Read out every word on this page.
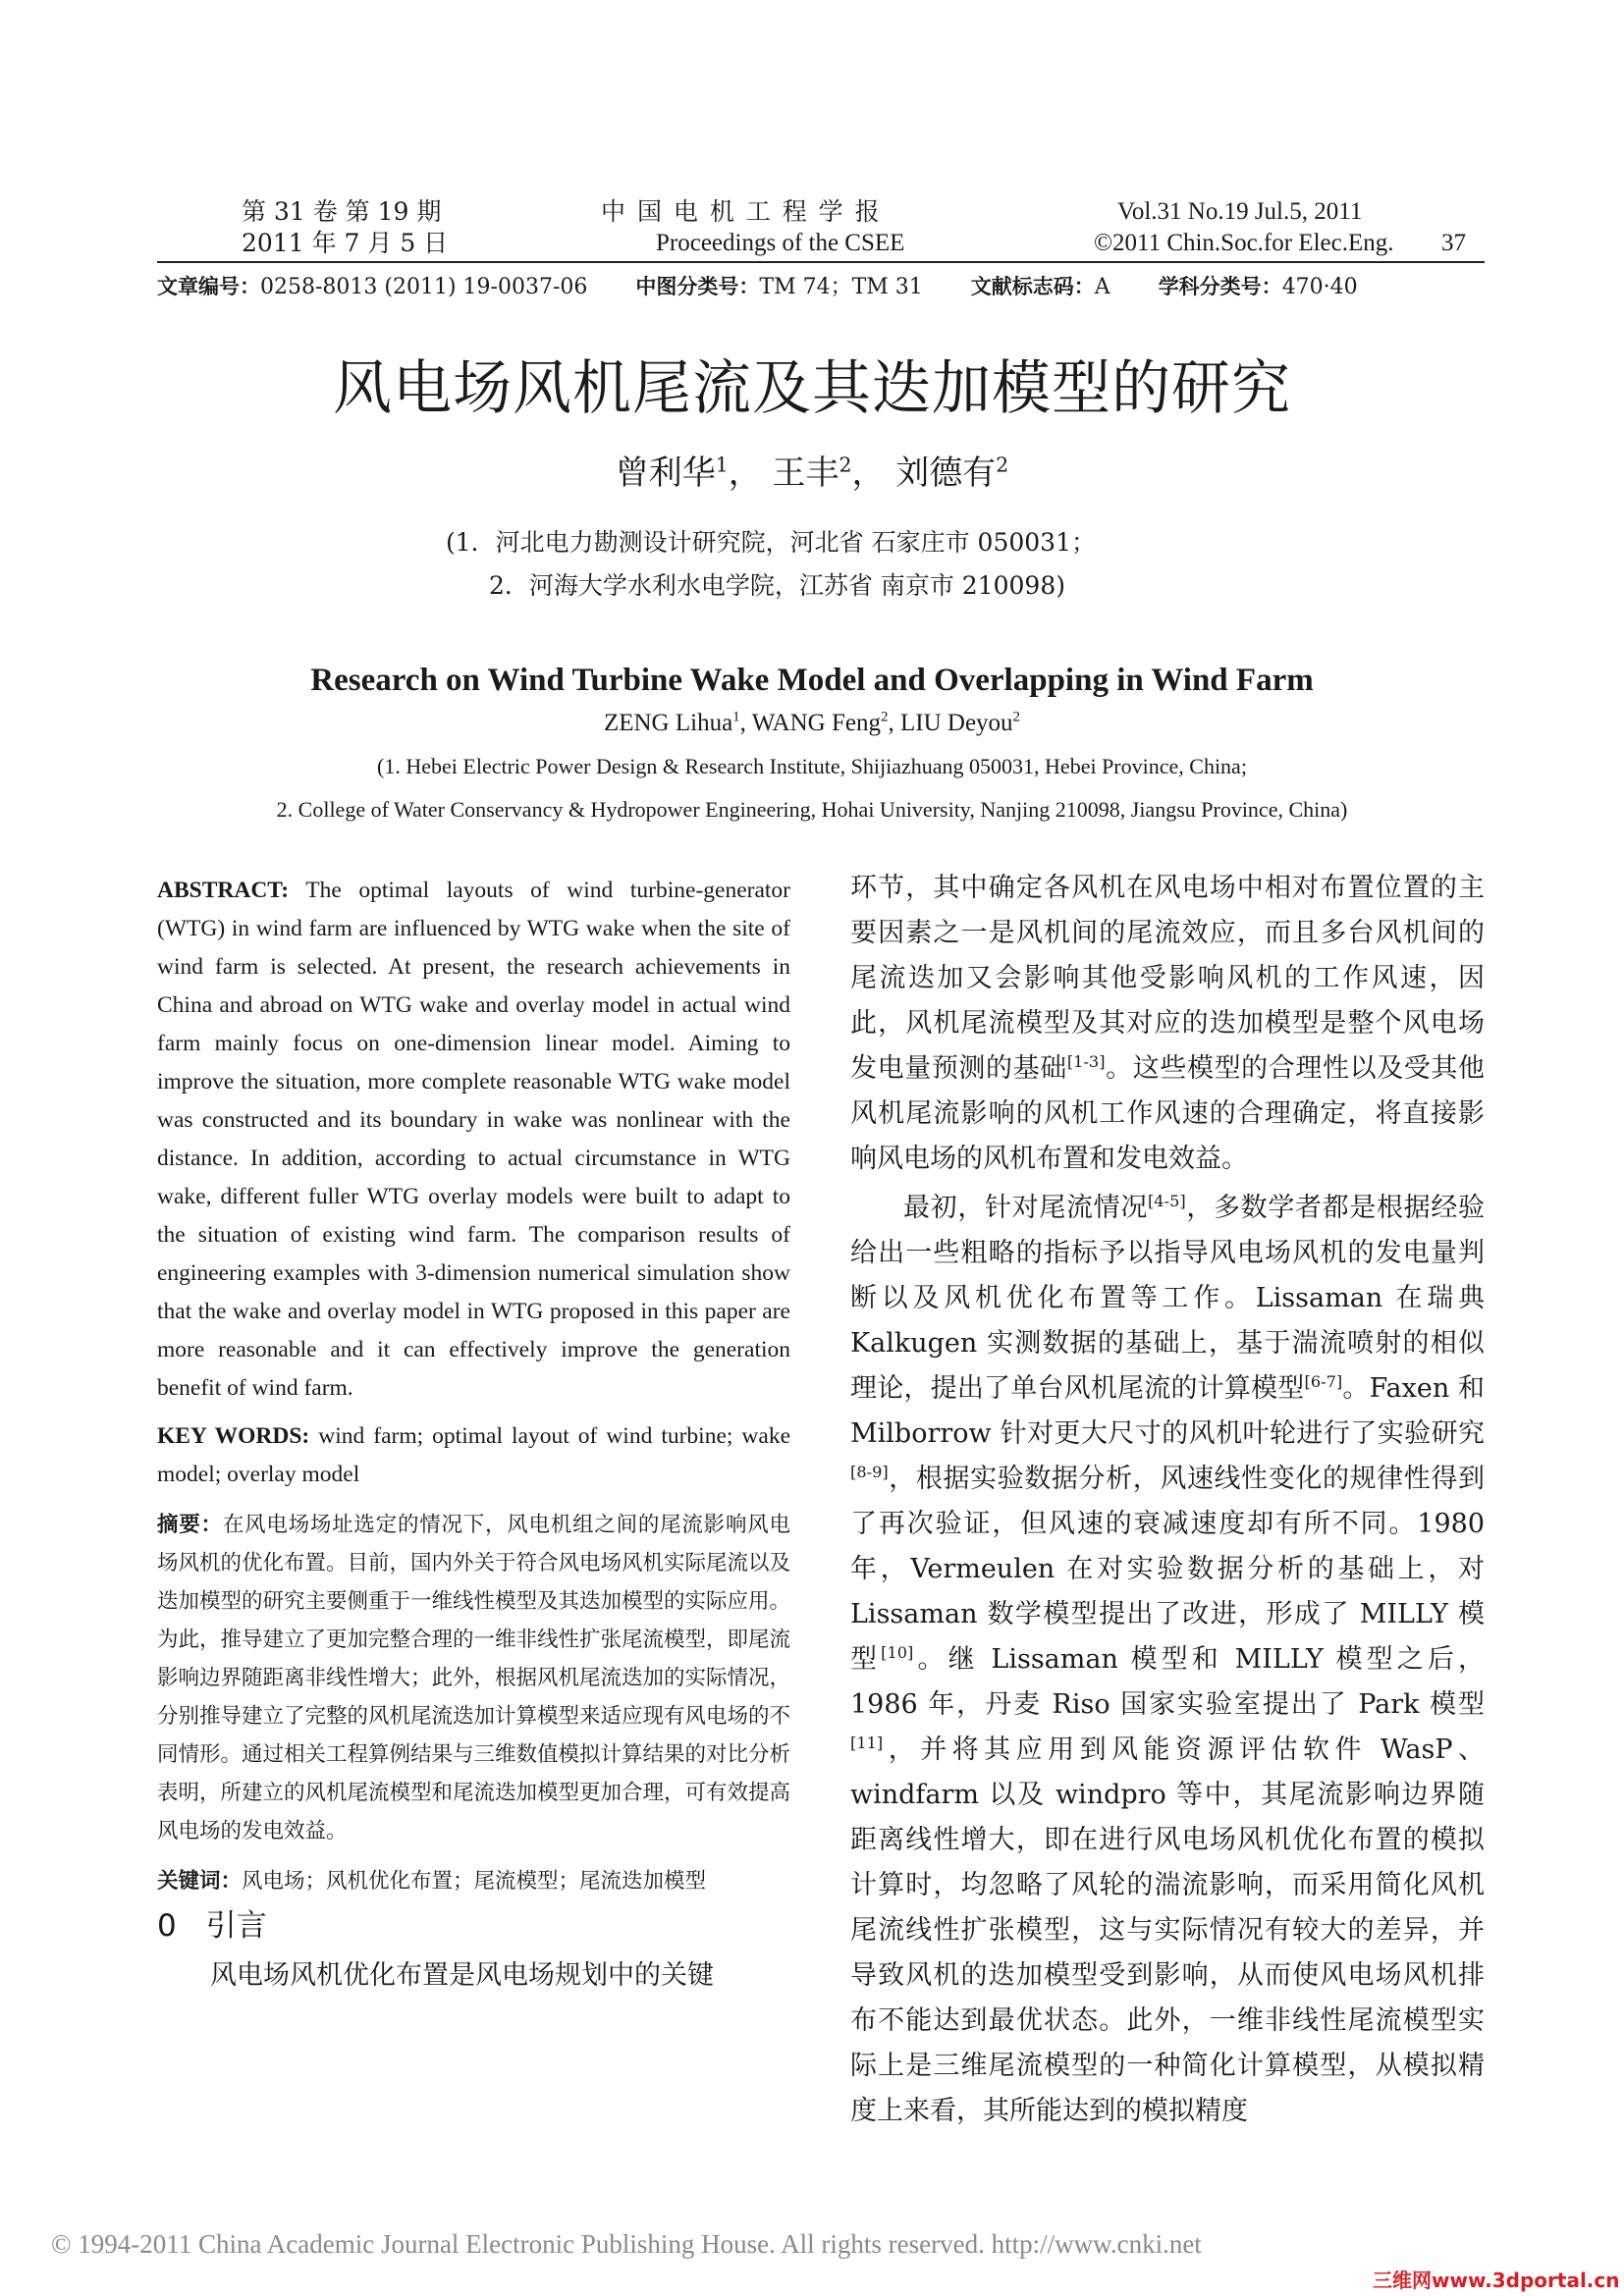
第 31 卷 第 19 期
2011 年 7 月 5 日
中 国 电 机 工 程 学 报
Proceedings of the CSEE
Vol.31 No.19 Jul.5, 2011
©2011 Chin.Soc.for Elec.Eng. 37
文章编号：0258-8013 (2011) 19-0037-06 中图分类号：TM 74；TM 31 文献标志码：A 学科分类号：470·40
风电场风机尾流及其迭加模型的研究
曾利华$^1$， 王丰$^2$， 刘德有$^2$
(1．河北电力勘测设计研究院，河北省 石家庄市 050031；
2．河海大学水利水电学院，江苏省 南京市 210098)
Research on Wind Turbine Wake Model and Overlapping in Wind Farm
ZENG Lihua$^1$, WANG Feng$^2$, LIU Deyou$^2$
(1. Hebei Electric Power Design & Research Institute, Shijiazhuang 050031, Hebei Province, China;
2. College of Water Conservancy & Hydropower Engineering, Hohai University, Nanjing 210098, Jiangsu Province, China)

ABSTRACT: The optimal layouts of wind turbine-generator (WTG) in wind farm are influenced by WTG wake when the site of wind farm is selected. At present, the research achievements in China and abroad on WTG wake and overlay model in actual wind farm mainly focus on one-dimension linear model. Aiming to improve the situation, more complete reasonable WTG wake model was constructed and its boundary in wake was nonlinear with the distance. In addition, according to actual circumstance in WTG wake, different fuller WTG overlay models were built to adapt to the situation of existing wind farm. The comparison results of engineering examples with 3-dimension numerical simulation show that the wake and overlay model in WTG proposed in this paper are more reasonable and it can effectively improve the generation benefit of wind farm.

KEY WORDS: wind farm; optimal layout of wind turbine; wake model; overlay model

摘要：在风电场场址选定的情况下，风电机组之间的尾流影响风电场风机的优化布置。目前，国内外关于符合风电场风机实际尾流以及迭加模型的研究主要侧重于一维线性模型及其迭加模型的实际应用。为此，推导建立了更加完整合理的一维非线性扩张尾流模型，即尾流影响边界随距离非线性增大；此外，根据风机尾流迭加的实际情况，分别推导建立了完整的风机尾流迭加计算模型来适应现有风电场的不同情形。通过相关工程算例结果与三维数值模拟计算结果的对比分析表明，所建立的风机尾流模型和尾流迭加模型更加合理，可有效提高风电场的发电效益。

关键词：风电场；风机优化布置；尾流模型；尾流迭加模型

0 引言

风电场风机优化布置是风电场规划中的关键

环节，其中确定各风机在风电场中相对布置位置的主要因素之一是风机间的尾流效应，而且多台风机间的尾流迭加又会影响其他受影响风机的工作风速，因此，风机尾流模型及其对应的迭加模型是整个风电场发电量预测的基础[1-3]。这些模型的合理性以及受其他风机尾流影响的风机工作风速的合理确定，将直接影响风电场的风机布置和发电效益。

最初，针对尾流情况[4-5]，多数学者都是根据经验给出一些粗略的指标予以指导风电场风机的发电量判断以及风机优化布置等工作。Lissaman 在瑞典 Kalkugen 实测数据的基础上，基于湍流喷射的相似理论，提出了单台风机尾流的计算模型[6-7]。Faxen 和 Milborrow 针对更大尺寸的风机叶轮进行了实验研究[8-9]，根据实验数据分析，风速线性变化的规律性得到了再次验证，但风速的衰减速度却有所不同。1980 年，Vermeulen 在对实验数据分析的基础上，对 Lissaman 数学模型提出了改进，形成了 MILLY 模型[10]。继 Lissaman 模型和 MILLY 模型之后，1986 年，丹麦 Riso 国家实验室提出了 Park 模型[11]，并将其应用到风能资源评估软件 WasP、windfarm 以及 windpro 等中，其尾流影响边界随距离线性增大，即在进行风电场风机优化布置的模拟计算时，均忽略了风轮的湍流影响，而采用简化风机尾流线性扩张模型，这与实际情况有较大的差异，并导致风机的迭加模型受到影响，从而使风电场风机排布不能达到最优状态。此外，一维非线性尾流模型实际上是三维尾流模型的一种简化计算模型，从模拟精度上来看，其所能达到的模拟精度

© 1994-2011 China Academic Journal Electronic Publishing House. All rights reserved. http://www.cnki.net
三维网www.3dportal.cn
